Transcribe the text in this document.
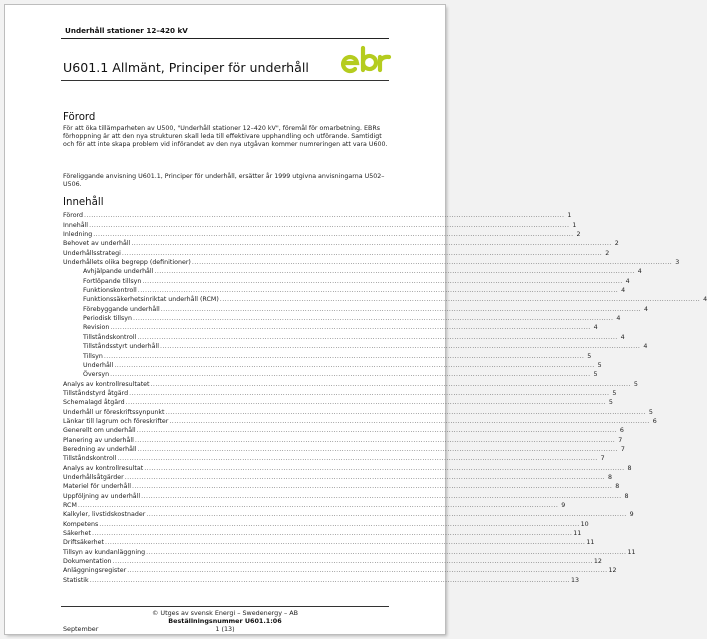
Underhåll stationer 12–420 kV
U601.1 Allmänt, Principer för underhåll
Förord

För att öka tillämparheten av U500, "Underhåll stationer 12–420 kV", föremål för omarbetning. EBRs förhoppning är att den nya strukturen skall leda till effektivare upphandling och utförande. Samtidigt och för att inte skapa problem vid införandet av den nya utgåvan kommer numreringen att vara U600.

Föreliggande anvisning U601.1, Principer för underhåll, ersätter år 1999 utgivna anvisningarna U502– U506.

Innehåll
Förord ........................................................................................................................................................................................................ 1
Innehåll ........................................................................................................................................................................................................ 1
Inledning ........................................................................................................................................................................................................ 2
Behovet av underhåll ........................................................................................................................................................................................................ 2
Underhållsstrategi ........................................................................................................................................................................................................ 2
Underhållets olika begrepp (definitioner) ........................................................................................................................................................................................................ 3
Avhjälpande underhåll ........................................................................................................................................................................................................ 4
Fortlöpande tillsyn ........................................................................................................................................................................................................ 4
Funktionskontroll ........................................................................................................................................................................................................ 4
Funktionssäkerhetsinriktat underhåll (RCM) ........................................................................................................................................................................................................ 4
Förebyggande underhåll ........................................................................................................................................................................................................ 4
Periodisk tillsyn ........................................................................................................................................................................................................ 4
Revision ........................................................................................................................................................................................................ 4
Tillståndskontroll ........................................................................................................................................................................................................ 4
Tillståndsstyrt underhåll ........................................................................................................................................................................................................ 4
Tillsyn ........................................................................................................................................................................................................ 5
Underhåll ........................................................................................................................................................................................................ 5
Översyn ........................................................................................................................................................................................................ 5
Analys av kontrollresultatet ........................................................................................................................................................................................................ 5
Tillståndstyrd åtgärd ........................................................................................................................................................................................................ 5
Schemalagd åtgärd ........................................................................................................................................................................................................ 5
Underhåll ur föreskriftssynpunkt ........................................................................................................................................................................................................ 5
Länkar till lagrum och föreskrifter ........................................................................................................................................................................................................ 6
Generellt om underhåll ........................................................................................................................................................................................................ 6
Planering av underhåll ........................................................................................................................................................................................................ 7
Beredning av underhåll ........................................................................................................................................................................................................ 7
Tillståndskontroll ........................................................................................................................................................................................................ 7
Analys av kontrollresultat ........................................................................................................................................................................................................ 8
Underhållsåtgärder ........................................................................................................................................................................................................ 8
Materiel för underhåll ........................................................................................................................................................................................................ 8
Uppföljning av underhåll ........................................................................................................................................................................................................ 8
RCM ........................................................................................................................................................................................................ 9
Kalkyler, livstidskostnader ........................................................................................................................................................................................................ 9
Kompetens ........................................................................................................................................................................................................ 10
Säkerhet ........................................................................................................................................................................................................ 11
Driftsäkerhet ........................................................................................................................................................................................................ 11
Tillsyn av kundanläggning ........................................................................................................................................................................................................ 11
Dokumentation ........................................................................................................................................................................................................ 12
Anläggningsregister ........................................................................................................................................................................................................ 12
Statistik ........................................................................................................................................................................................................ 13
© Utges av svensk Energi – Swedenergy – AB
Beställningsnummer U601.1:06
September	1 (13)
